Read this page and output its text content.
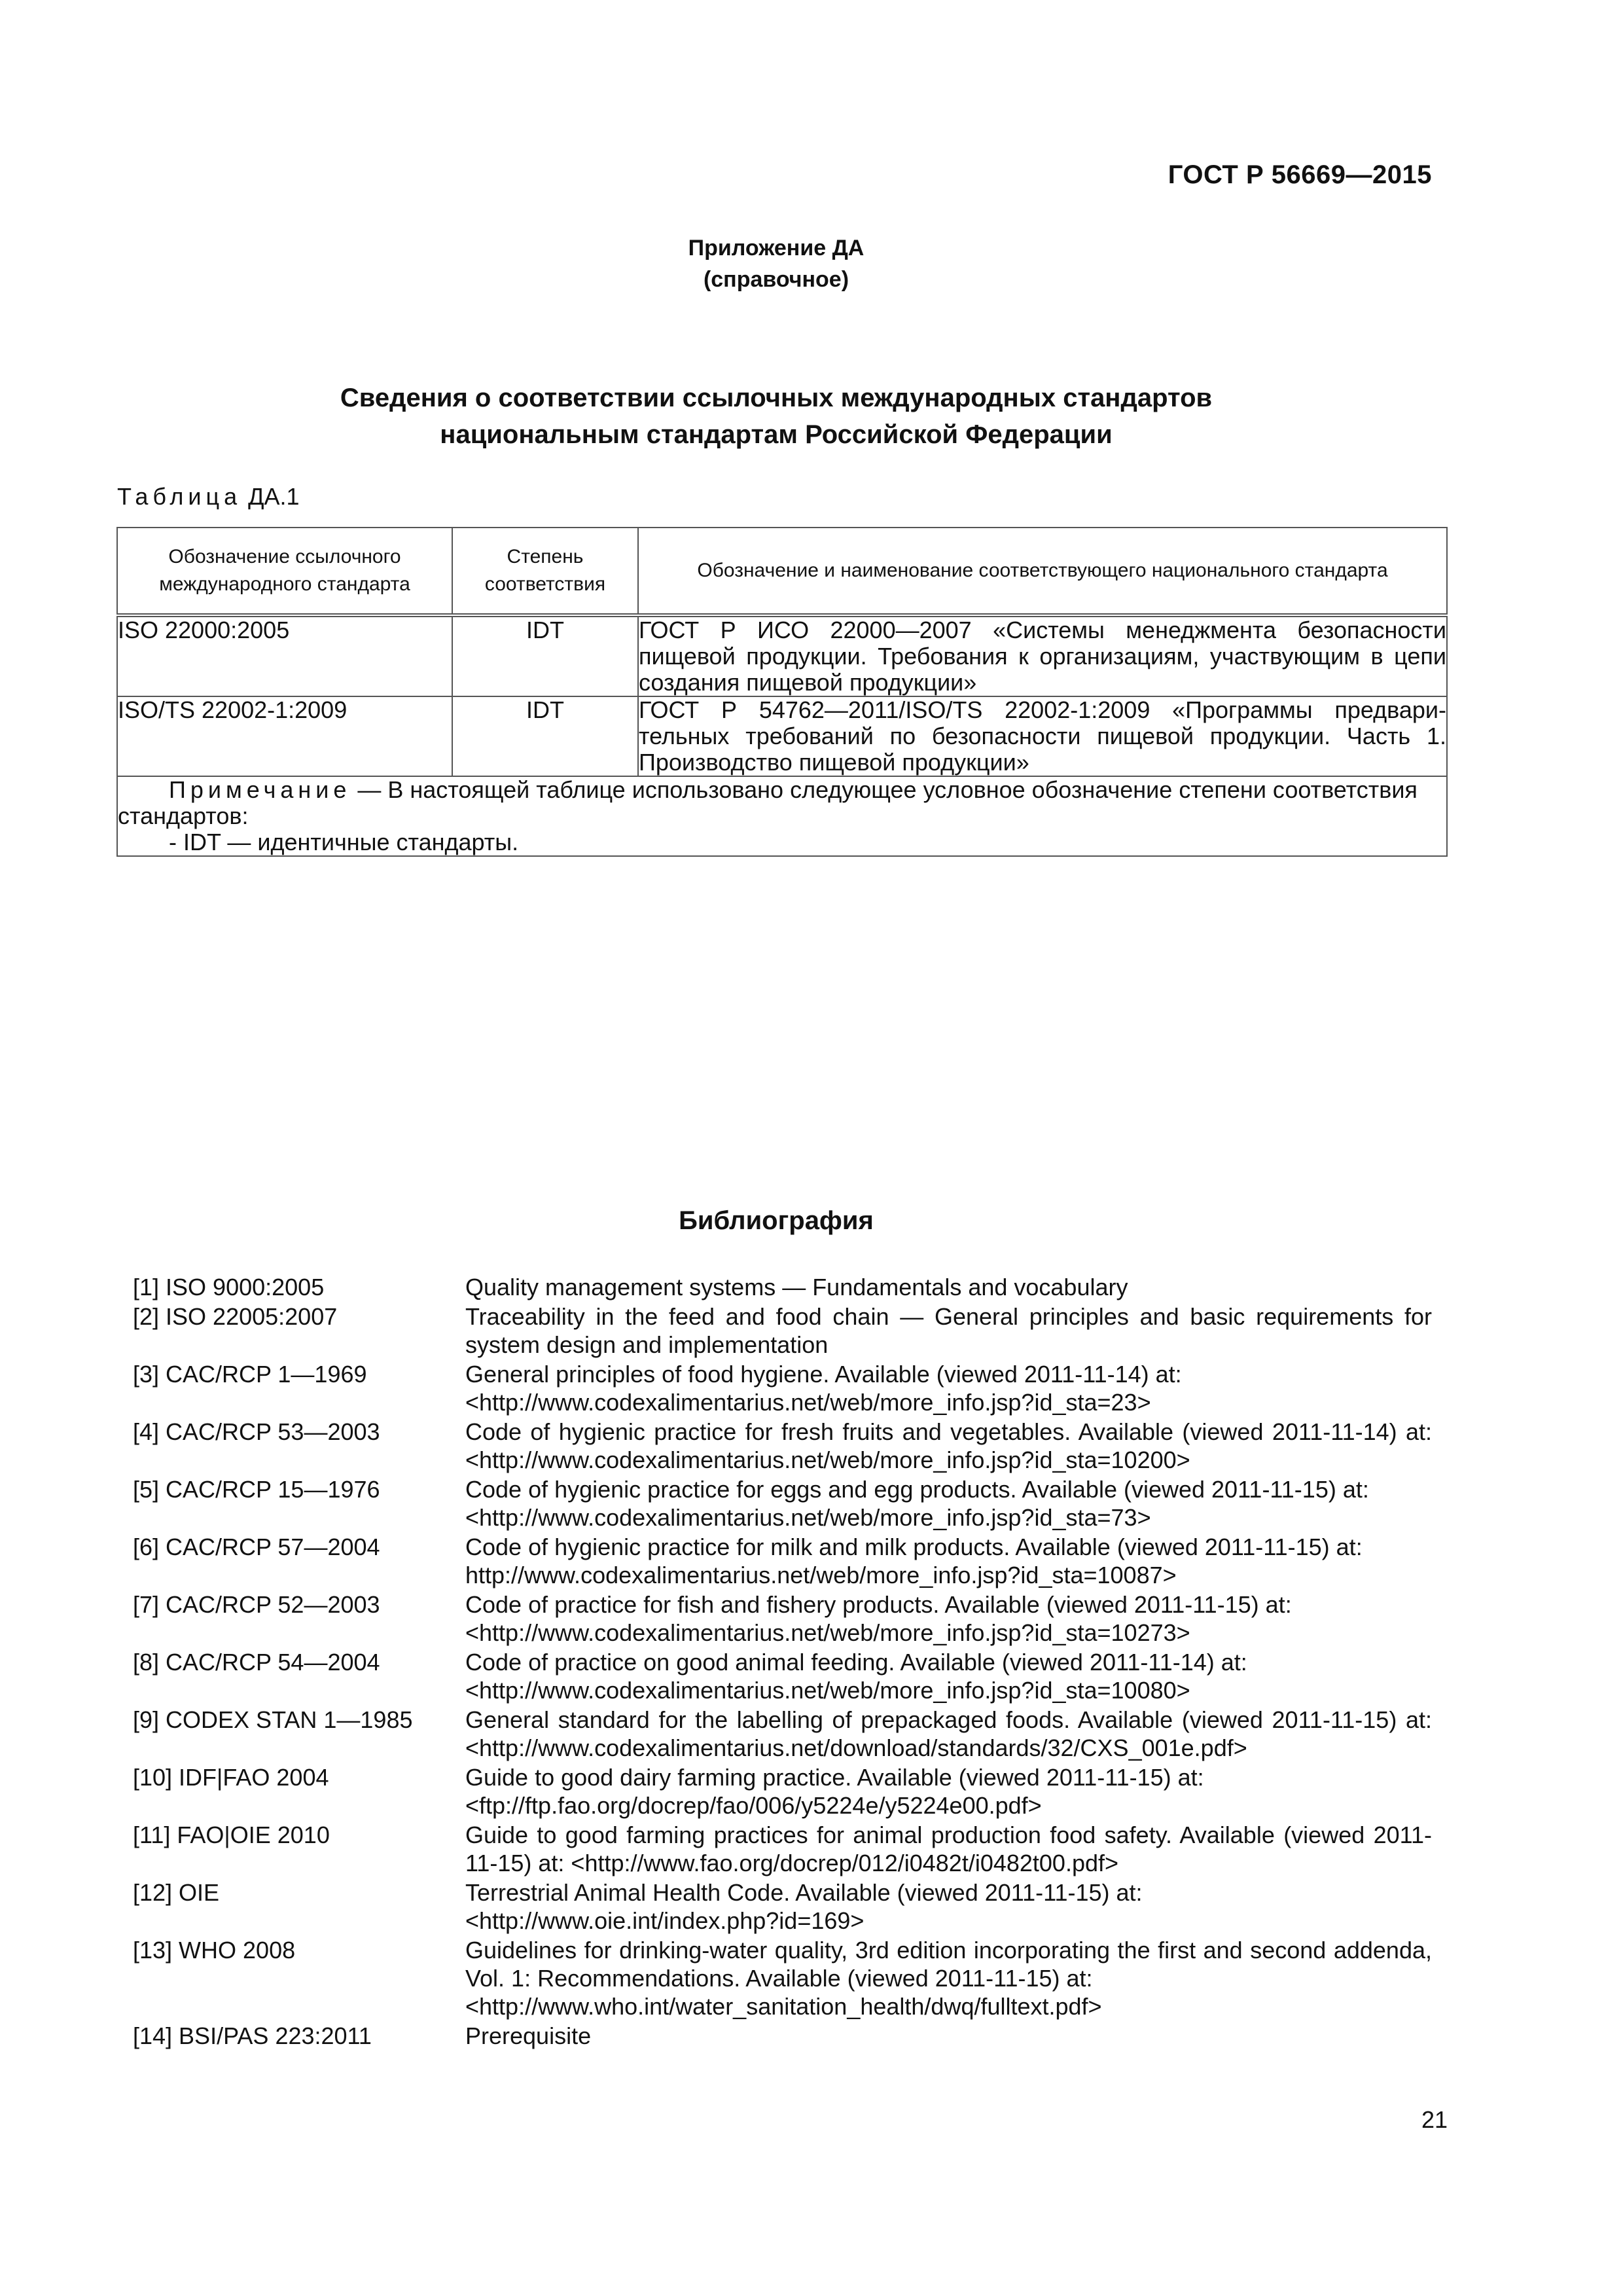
ГОСТ Р 56669—2015
Приложение ДА
(справочное)
Сведения о соответствии ссылочных международных стандартов
национальным стандартам Российской Федерации
Таблица ДА.1
Обозначение ссылочного международного стандарта	Степень соответствия	Обозначение и наименование соответствующего национального стандарта
ISO 22000:2005	IDT	ГОСТ Р ИСО 22000—2007 «Системы менеджмента безопасности пищевой продукции. Требования к организациям, участвующим в цепи создания пищевой продукции»
ISO/TS 22002-1:2009	IDT	ГОСТ Р 54762—2011/ISO/TS 22002-1:2009 «Программы предварительных требований по безопасности пищевой продукции. Часть 1. Производство пищевой продукции»
Примечание — В настоящей таблице использовано следующее условное обозначение степени соответствия стандартов:
- IDT — идентичные стандарты.		
Библиография
[1] ISO 9000:2005	Quality management systems — Fundamentals and vocabulary
[2] ISO 22005:2007	Traceability in the feed and food chain — General principles and basic requirements for system design and implementation
[3] CAC/RCP 1—1969	General principles of food hygiene. Available (viewed 2011-11-14) at:
<http://www.codexalimentarius.net/web/more_info.jsp?id_sta=23>
[4] CAC/RCP 53—2003	Code of hygienic practice for fresh fruits and vegetables. Available (viewed 2011-11-14) at: <http://www.codexalimentarius.net/web/more_info.jsp?id_sta=10200>
[5] CAC/RCP 15—1976	Code of hygienic practice for eggs and egg products. Available (viewed 2011-11-15) at:
<http://www.codexalimentarius.net/web/more_info.jsp?id_sta=73>
[6] CAC/RCP 57—2004	Code of hygienic practice for milk and milk products. Available (viewed 2011-11-15) at:
http://www.codexalimentarius.net/web/more_info.jsp?id_sta=10087>
[7] CAC/RCP 52—2003	Code of practice for fish and fishery products. Available (viewed 2011-11-15) at:
<http://www.codexalimentarius.net/web/more_info.jsp?id_sta=10273>
[8] CAC/RCP 54—2004	Code of practice on good animal feeding. Available (viewed 2011-11-14) at:
<http://www.codexalimentarius.net/web/more_info.jsp?id_sta=10080>
[9] CODEX STAN 1—1985	General standard for the labelling of prepackaged foods. Available (viewed 2011-11-15) at: <http://www.codexalimentarius.net/download/standards/32/CXS_001e.pdf>
[10] IDF|FAO 2004	Guide to good dairy farming practice. Available (viewed 2011-11-15) at:
<ftp://ftp.fao.org/docrep/fao/006/y5224e/y5224e00.pdf>
[11] FAO|OIE 2010	Guide to good farming practices for animal production food safety. Available (viewed 2011-11-15) at: <http://www.fao.org/docrep/012/i0482t/i0482t00.pdf>
[12] OIE	Terrestrial Animal Health Code. Available (viewed 2011-11-15) at:
<http://www.oie.int/index.php?id=169>
[13] WHO 2008	Guidelines for drinking-water quality, 3rd edition incorporating the first and second addenda, Vol. 1: Recommendations. Available (viewed 2011-11-15) at:
<http://www.who.int/water_sanitation_health/dwq/fulltext.pdf>
[14] BSI/PAS 223:2011	Prerequisite
21
